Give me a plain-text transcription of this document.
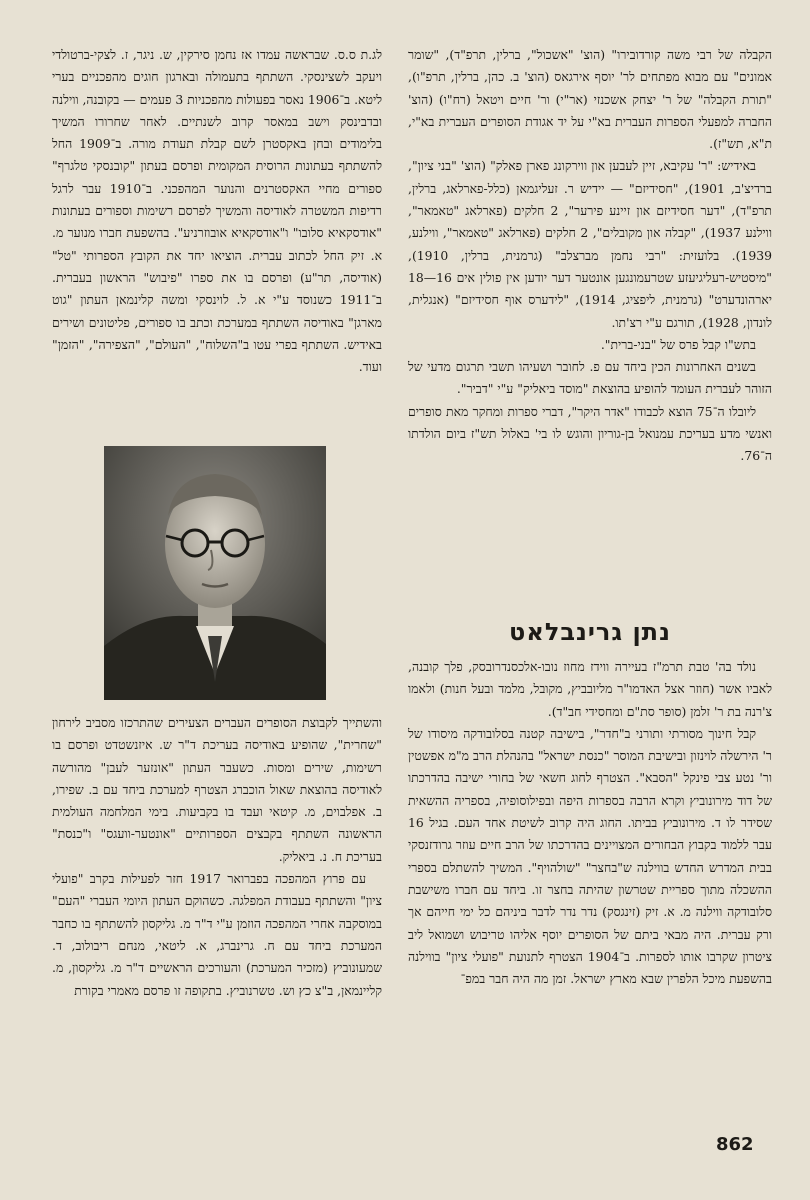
הקבלה של רבי משה קורדובירו" (הוצ' "אשכול", ברלין, תרפ"ד), "שומר אמונים" עם מבוא מפתחים לר' יוסף אירגאס (הוצ' ב. כהן, ברלין, תרפ"ו), "תורת הקבלה" של ר' יצחק אשכנזי (אר"י) ור' חיים ויטאל (רח"ו) (הוצ' החברה למפעלי הספרות העברית בא"י על יד אגודת הסופרים העברית בא"י, ת"א, תש"ז).

באידיש: "ר' עקיבא, זיין לעבען און ווירקונג פארן פאלק" (הוצ' "בני ציון", ברדיצ'ב, 1901), "חסידיזם" — יידיש ר. זעליגמאן (כלל-פארלאג, ברלין, תרפ"ד), "דער חסידיזם און זיינע פירער", 2 חלקים (פארלאג "טאמאר", ווילנע 1937), "קבלה און מקובלים", 2 חלקים (פארלאג "טאמאר", ווילנע, 1939). בלועזית: "רבי נחמן מברצלב" (גרמנית, ברלין, 1910), "מיסטיש-רעליגיעזע שטרעמונגען אונטער דער יודען אין פולין אים 16—18 יארהונדערט" (גרמנית, ליפציג, 1914), "לידערס אוף חסידיזם" (אנגלית, לונדון, 1928), תורגם ע"י רצ'תו.

בתש"ו קבל פרס של "בני-ברית".

בשנים האחרונות הכין ביחד עם פ. לחובר ושעיהו תשבי תרגום מדעי של הזוהר לעברית העומד להופיע בהוצאת "מוסד ביאליק" ע"י "דביר".

ליובלו ה־75 הוצא לכבודו "אדר היקר", דברי ספרות ומחקר מאת סופרים ואנשי מדע בעריכת עמנואל בן-גוריון והוגש לו בי' באלול תש"ז ביום הולדתו ה־76.

נתן גרינבלאט

נולד בה' טבת תרמ"ז בעיירה ווידז מחוז נובו-אלכסנדרובסק, פלך קובנה, לאביו אשר (חוזר אצל האדמו"ר מליובביץ, מקובל, מלמד ובעל חנות) ולאמו צ'רנה בת ר' זלמן (סופר סת"ם ומחסידי חב"ד).

קבל חינוך מסורתי ותורני ב"חדר", בישיבה קטנה בסלובודקה מיסודו של ר' הירשלה לוינזון ובישיבת המוסר "כנסת ישראל" בהנהלת הרב מ"מ אפשטין ור' נטע צבי פינקל "הסבא". הצטרף לחוג חשאי של בחורי ישיבה בהדרכתו של דוד מירונוביץ וקרא הרבה בספרות היפה ובפילוסופיה, בספריה ההשאית שסידר לו ד. מירונוביץ בביתו. החוג היה קרוב לשיטת אחד העם. בגיל 16 עבר ללמוד בקבוץ הבחורים המצויינים בהדרכתו של הרב חיים עוזר גרודזנסקי בבית המדרש החדש בווילנה ש"בחצר" "שולהויף". המשיך להשתלם בספרי ההשכלה מתוך ספריית שטרשון שהיתה בחצר זו. ביחד עם חברו משישבת סלובודקה ווילנה מ. א. זיק (זינגסק) נדר נדר לדבר ביניהם כל ימי חייהם אך ורק עברית. היה מבאי ביתם של הסופרים יוסף אליהו טריבוש ושמואל ליב ציטרון שקרבו אותו לספרות. ב־1904 הצטרף לתנועת "פועלי ציון" בווילנה בהשפעת מיכל הלפרין שבא מארץ ישראל. זמן מה היה חבר במפ־

לג.ת ס.ס. שבראשה עמדו אז נחמן סירקין, ש. ניגר, ז. לצקי-ברטולדי ויעקב לשצינסקי. השתתף בתעמולה ובארגון חוגים מהפכניים בערי ליטא. ב־1906 נאסר בפעולות מהפכניות 3 פעמים — בקובנה, ווילנה ובדבינסק וישב במאסר קרוב לשנתיים. לאחר שחרורו המשיך בלימודים ובחן באקסטרן לשם קבלת תעודת מורה. ב־1909 החל להשתתף בעתונות הרוסית המקומית ופרסם בעתון "קובנסקי טלגרף" ספורים מחיי האקסטרנים והנוער המהפכני. ב־1910 עבר לרגל רדיפות המשטרה לאודיסה והמשיך לפרסם רשימות וספורים בעתונות "אודסקאיא סלובו" ו"אודסקאיא אובוזרניע". בהשפעת חברו מנוער מ. א. זיק החל לכתוב עברית. הוציאו יחד את הקובץ הספרותי "טל" (אודיסה, תר"ע) ופרסם בו את ספרו "פיבוש" הראשון בעברית. ב־1911 כשנוסד ע"י א. ל. לוינסקי ומשה קלינמאן העתון "גוט מארגן" באודיסה השתתף במערכת וכתב בו ספורים, פליטונים ושירים באידיש. השתתף בפרי עטו ב"השלוח", "העולם", "הצפירה", "הזמן" ועוד.

והשתייך לקבוצת הסופרים העברים הצעירים שהתרכזו מסביב לירחון "שחרית", שהופיע באודיסה בעריכת ד"ר ש. איזנשטדט ופרסם בו רשימות, שירים ומסות. כשעבר העתון "אונזער לעבן" מהורשה לאודיסה בהוצאת שאול הוכברג הצטרף למערכת ביחד עם ב. שפירו, ב. אפלבוים, מ. קיטאי ועבד בו בקביעות. בימי המלחמה העולמית הראשונה השתתף בקבצים הספרותיים "אונטער-וועגס" ו"כנסת" בעריכת ח. נ. ביאליק.

עם פרוץ המהפכה בפברואר 1917 חזר לפעילות בקרב "פועלי ציון" והשתתף בעבודת המפלגה. כשהוקם העתון היומי העברי "העם" במוסקבה אחרי המהפכה הוזמן ע"י ד"ר מ. גליקסון להשתתף בו כחבר המערכת ביחד עם ח. גרינברג, א. ליטאי, מנחם ריבולוב, ד. שמעונוביץ (מזכיר המערכת) והעורכים הראשיים ד"ר מ. גליקסון, מ. קליינמאן, ב"צ כץ וש. טשרנוביץ. בתקופה זו פרסם מאמרי בקורת

862
